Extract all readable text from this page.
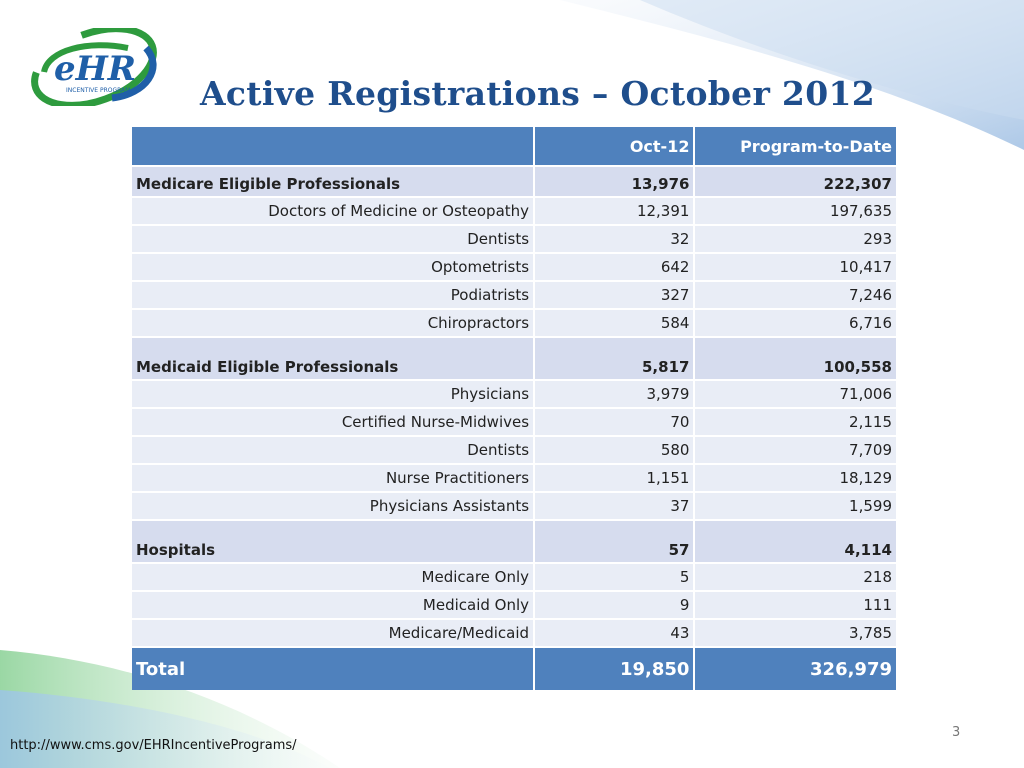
eHR
INCENTIVE PROGRAM Active Registrations – October 2012
	Oct-12	Program-to-Date
Medicare Eligible Professionals	13,976	222,307
Doctors of Medicine or Osteopathy	12,391	197,635
Dentists	32	293
Optometrists	642	10,417
Podiatrists	327	7,246
Chiropractors	584	6,716
Medicaid Eligible Professionals	5,817	100,558
Physicians	3,979	71,006
Certified Nurse-Midwives	70	2,115
Dentists	580	7,709
Nurse Practitioners	1,151	18,129
Physicians Assistants	37	1,599
Hospitals	57	4,114
Medicare Only	5	218
Medicaid Only	9	111
Medicare/Medicaid	43	3,785
Total	19,850	326,979
http://www.cms.gov/EHRIncentivePrograms/
3
